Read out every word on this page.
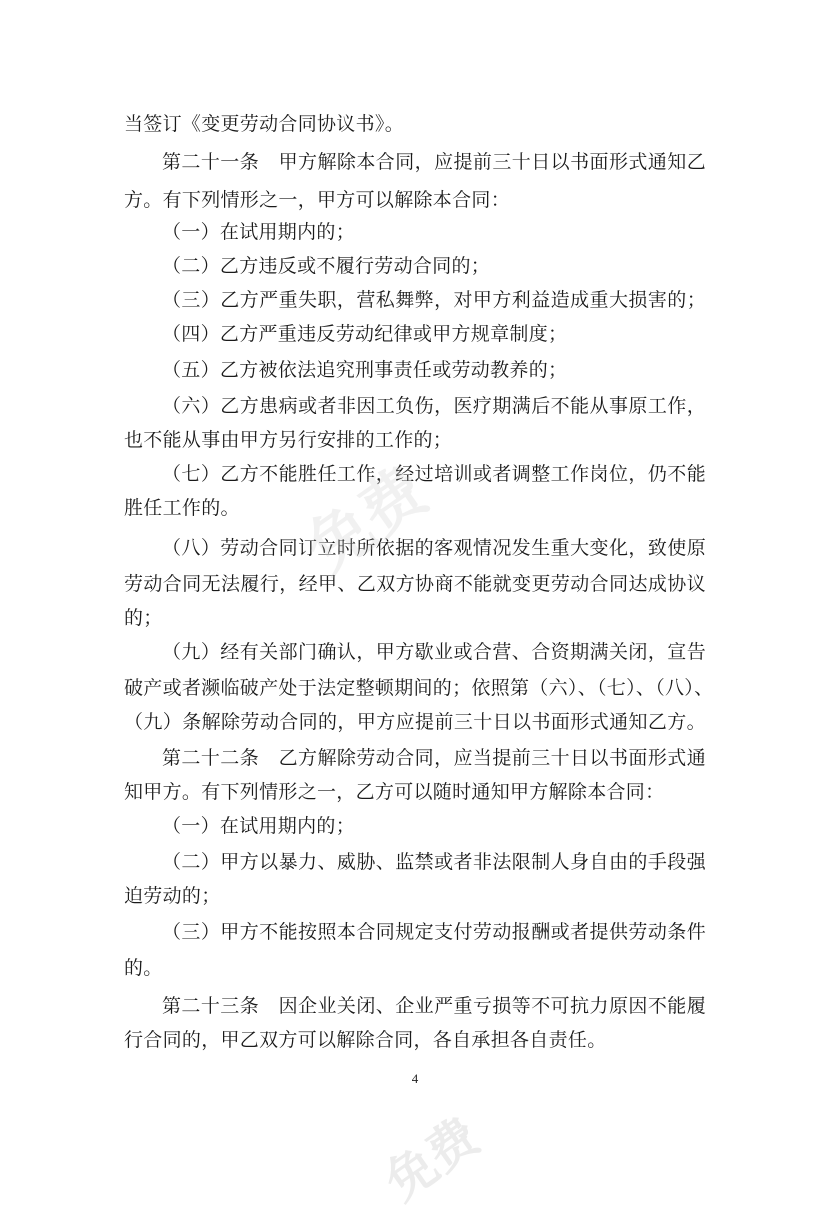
当签订《变更劳动合同协议书》。
第二十一条　甲方解除本合同，应提前三十日以书面形式通知乙
方。有下列情形之一，甲方可以解除本合同：
（一）在试用期内的；
（二）乙方违反或不履行劳动合同的；
（三）乙方严重失职，营私舞弊，对甲方利益造成重大损害的；
（四）乙方严重违反劳动纪律或甲方规章制度；
（五）乙方被依法追究刑事责任或劳动教养的；
（六）乙方患病或者非因工负伤，医疗期满后不能从事原工作，
也不能从事由甲方另行安排的工作的；
（七）乙方不能胜任工作，经过培训或者调整工作岗位，仍不能
胜任工作的。
（八）劳动合同订立时所依据的客观情况发生重大变化，致使原
劳动合同无法履行，经甲、乙双方协商不能就变更劳动合同达成协议
的；
（九）经有关部门确认，甲方歇业或合营、合资期满关闭，宣告
破产或者濒临破产处于法定整顿期间的；依照第（六）、（七）、（八）、
（九）条解除劳动合同的，甲方应提前三十日以书面形式通知乙方。
第二十二条　乙方解除劳动合同，应当提前三十日以书面形式通
知甲方。有下列情形之一，乙方可以随时通知甲方解除本合同：
（一）在试用期内的；
（二）甲方以暴力、威胁、监禁或者非法限制人身自由的手段强
迫劳动的；
（三）甲方不能按照本合同规定支付劳动报酬或者提供劳动条件
的。
第二十三条　因企业关闭、企业严重亏损等不可抗力原因不能履
行合同的，甲乙双方可以解除合同，各自承担各自责任。
4
免费
免费
